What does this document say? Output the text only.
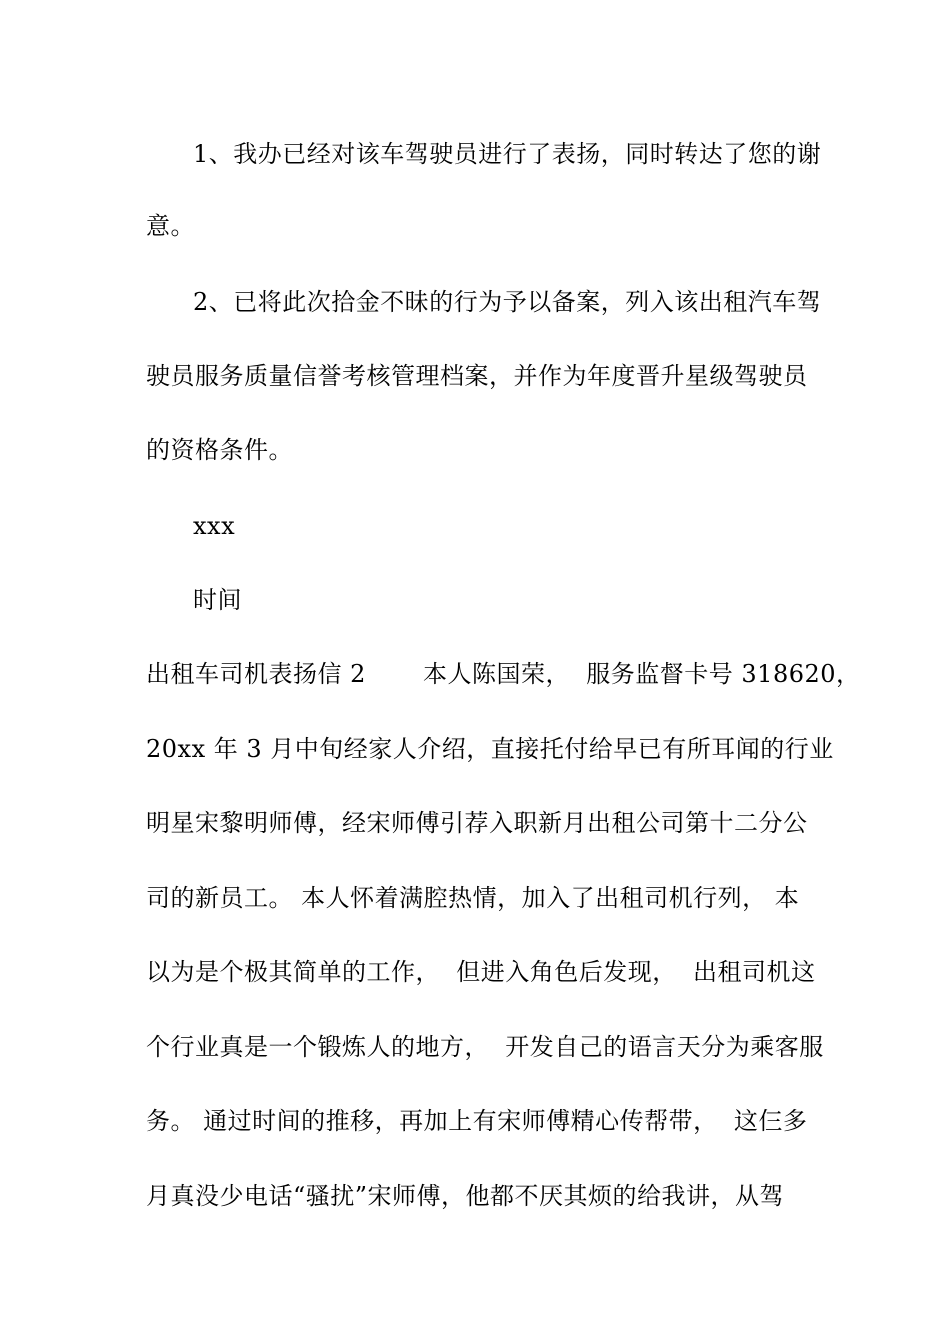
1、我办已经对该车驾驶员进行了表扬，同时转达了您的谢
意。
2、已将此次拾金不昧的行为予以备案，列入该出租汽车驾
驶员服务质量信誉考核管理档案，并作为年度晋升星级驾驶员
的资格条件。
xxx
时间
出租车司机表扬信 2 　　本人陈国荣，  服务监督卡号 318620，
20xx 年 3 月中旬经家人介绍，直接托付给早已有所耳闻的行业
明星宋黎明师傅，经宋师傅引荐入职新月出租公司第十二分公
司的新员工。 本人怀着满腔热情，加入了出租司机行列， 本
以为是个极其简单的工作，  但进入角色后发现，  出租司机这
个行业真是一个锻炼人的地方，  开发自己的语言天分为乘客服
务。 通过时间的推移，再加上有宋师傅精心传帮带，  这仨多
月真没少电话“骚扰”宋师傅，他都不厌其烦的给我讲，从驾
